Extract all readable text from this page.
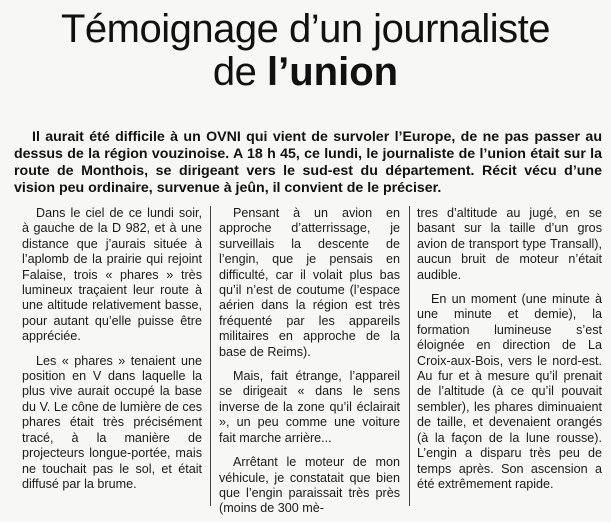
Témoignage d’un journaliste
de l’union
Il aurait été difficile à un OVNI qui vient de survoler l’Europe, de ne pas passer au dessus de la région vouzinoise. A 18 h 45, ce lundi, le journaliste de l’union était sur la route de Monthois, se dirigeant vers le sud-est du département. Récit vécu d’une vision peu ordinaire, survenue à jeûn, il convient de le préciser.

Dans le ciel de ce lundi soir, à gauche de la D 982, et à une distance que j’aurais située à l’aplomb de la prairie qui rejoint Falaise, trois « phares » très lumineux traçaient leur route à une altitude relativement basse, pour autant qu’elle puisse être appréciée.

Les « phares » tenaient une position en V dans laquelle la plus vive aurait occupé la base du V. Le cône de lumière de ces phares était très précisément tracé, à la manière de projecteurs longue-portée, mais ne touchait pas le sol, et était diffusé par la brume.

Pensant à un avion en approche d’atterrissage, je surveillais la descente de l’engin, que je pensais en difficulté, car il volait plus bas qu’il n’est de coutume (l’espace aérien dans la région est très fréquenté par les appareils militaires en approche de la base de Reims).

Mais, fait étrange, l’appareil se dirigeait « dans le sens inverse de la zone qu’il éclairait », un peu comme une voiture fait marche arrière...

Arrêtant le moteur de mon véhicule, je constatait que bien que l’engin paraissait très près (moins de 300 mè-

tres d’altitude au jugé, en se basant sur la taille d’un gros avion de transport type Transall), aucun bruit de moteur n’était audible.

En un moment (une minute à une minute et demie), la formation lumineuse s’est éloignée en direction de La Croix-aux-Bois, vers le nord-est. Au fur et à mesure qu’il prenait de l’altitude (à ce qu’il pouvait sembler), les phares diminuaient de taille, et devenaient orangés (à la façon de la lune rousse). L’engin a disparu très peu de temps après. Son ascension a été extrêmement rapide.
